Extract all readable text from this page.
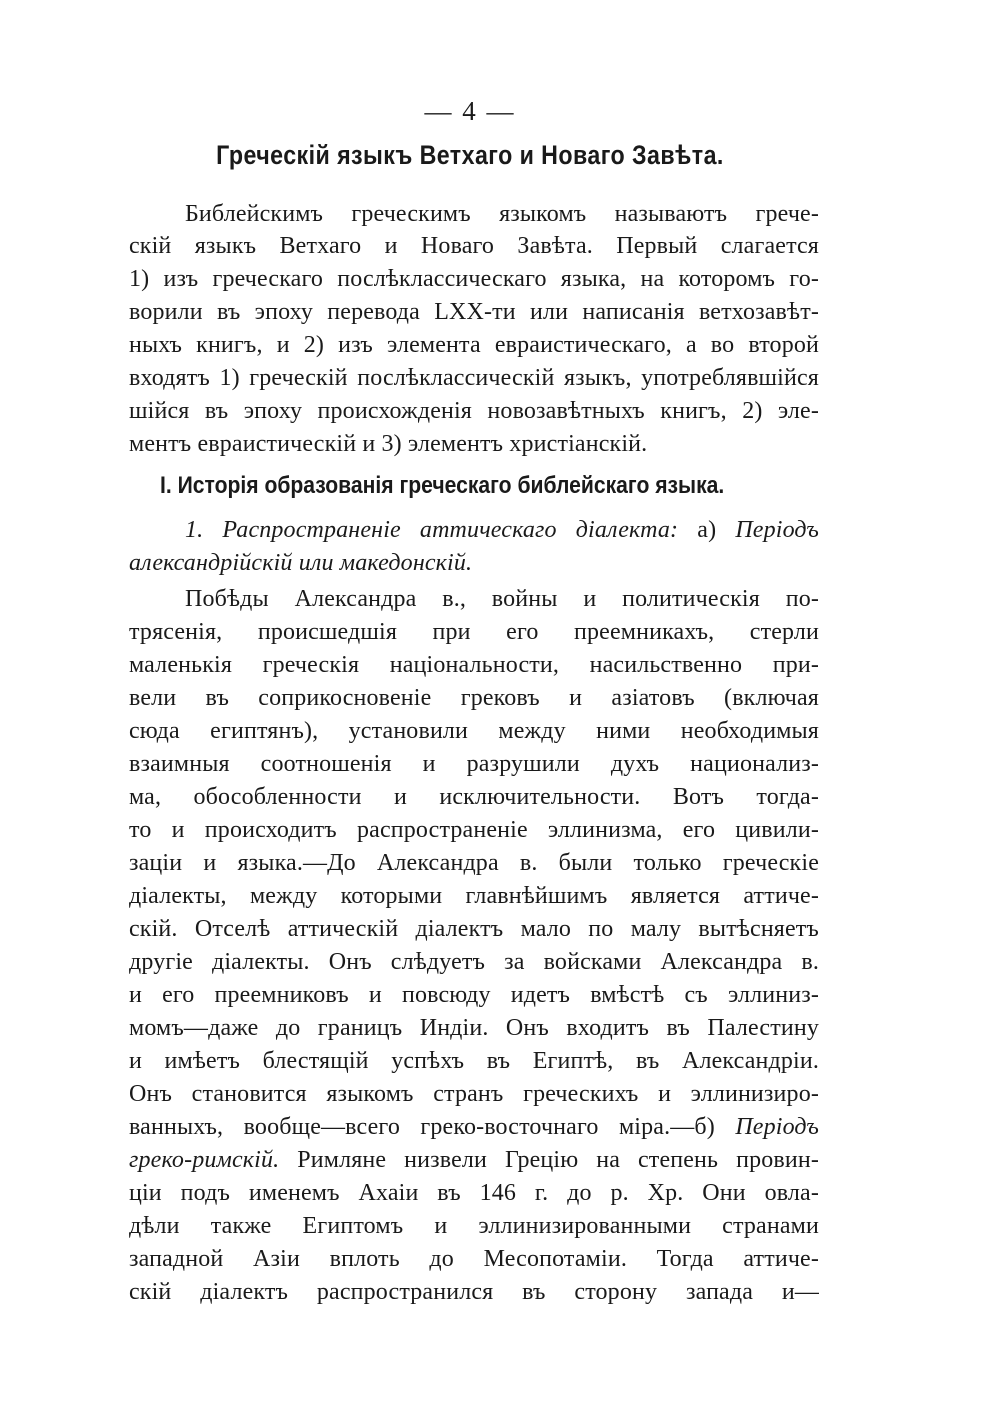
— 4 —
Греческій языкъ Ветхаго и Новаго Завѣта.
Библейскимъ греческимъ языкомъ называютъ грече-
скій языкъ Ветхаго и Новаго Завѣта. Первый слагается
1) изъ греческаго послѣклассическаго языка, на которомъ го-
ворили въ эпоху перевода LXX-ти или написанія ветхозавѣт-
ныхъ книгъ, и 2) изъ элемента евраистическаго, а во второй
входятъ 1) греческій послѣклассическій языкъ, употреблявшійся
шійся въ эпоху происхожденія новозавѣтныхъ книгъ, 2) эле-
ментъ евраистическій и 3) элементъ христіанскій.
I. Исторія образованія греческаго библейскаго языка.
1. Распространеніе аттическаго діалекта: а) Періодъ
александрійскій или македонскій.
Побѣды Александра в., войны и политическія по-
трясенія, происшедшія при его преемникахъ, стерли
маленькія греческія національности, насильственно при-
вели въ соприкосновеніе грековъ и азіатовъ (включая
сюда египтянъ), установили между ними необходимыя
взаимныя соотношенія и разрушили духъ национализ-
ма, обособленности и исключительности. Вотъ тогда-
то и происходитъ распространеніе эллинизма, его цивили-
заціи и языка.—До Александра в. были только греческіе
діалекты, между которыми главнѣйшимъ является аттиче-
скій. Отселѣ аттическій діалектъ мало по малу вытѣсняетъ
другіе діалекты. Онъ слѣдуетъ за войсками Александра в.
и его преемниковъ и повсюду идетъ вмѣстѣ съ эллиниз-
момъ—даже до границъ Индіи. Онъ входитъ въ Палестину
и имѣетъ блестящій успѣхъ въ Египтѣ, въ Александріи.
Онъ становится языкомъ странъ греческихъ и эллинизиро-
ванныхъ, вообще—всего греко-восточнаго міра.—б) Періодъ
греко-римскій. Римляне низвели Грецію на степень провин-
ціи подъ именемъ Ахаіи въ 146 г. до р. Хр. Они овла-
дѣли также Египтомъ и эллинизированными странами
западной Азіи вплоть до Месопотаміи. Тогда аттиче-
скій діалектъ распространился въ сторону запада и—
